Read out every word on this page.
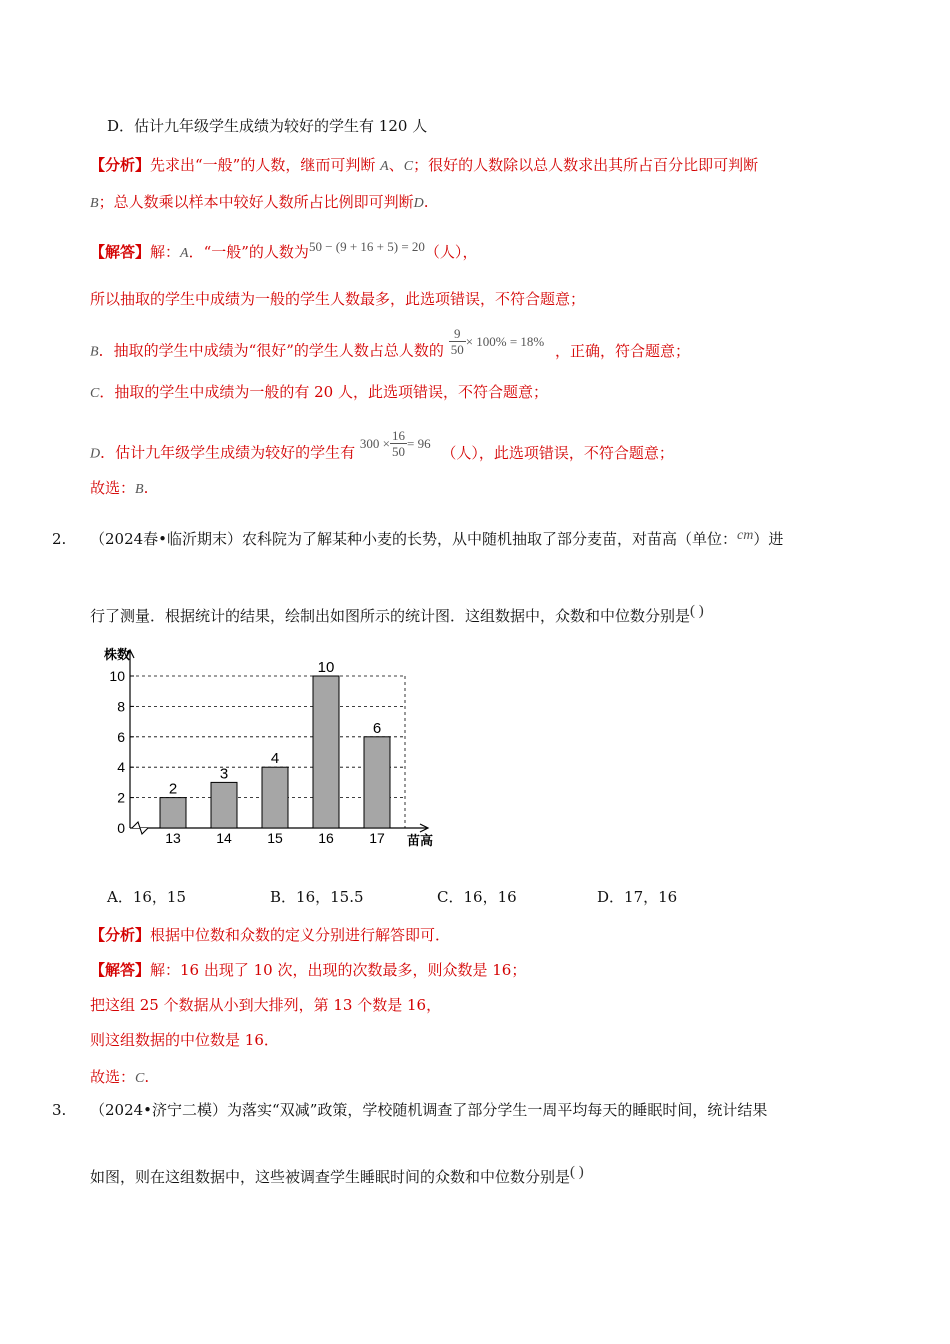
D．估计九年级学生成绩为较好的学生有 120 人
【分析】先求出“一般”的人数，继而可判断 A、C；很好的人数除以总人数求出其所占百分比即可判断
B；总人数乘以样本中较好人数所占比例即可判断D.
【解答】解：A．“一般”的人数为50 − (9 + 16 + 5) = 20（人），
所以抽取的学生中成绩为一般的学生人数最多，此选项错误，不符合题意；
B．抽取的学生中成绩为“很好”的学生人数占总人数的 $\frac{9}{50} \times 100\% = 18\%$ ，正确，符合题意；
C．抽取的学生中成绩为一般的有 20 人，此选项错误，不符合题意；
D．估计九年级学生成绩为较好的学生有 $300 \times \frac{16}{50} = 96$ （人），此选项错误，不符合题意；
故选：B.
2. （2024春•临沂期末）农科院为了解某种小麦的长势，从中随机抽取了部分麦苗，对苗高（单位：cm）进
行了测量．根据统计的结果，绘制出如图所示的统计图．这组数据中，众数和中位数分别是( )
0
2
4
6
8
10
2
13
3
14
4
15
10
16
6
17
株数
苗高
A．16，15	B．16，15.5	C．16，16	D．17，16
【分析】根据中位数和众数的定义分别进行解答即可．
【解答】解：16 出现了 10 次，出现的次数最多，则众数是 16；
把这组 25 个数据从小到大排列，第 13 个数是 16，
则这组数据的中位数是 16．
故选：C.
3. （2024•济宁二模）为落实“双减”政策，学校随机调查了部分学生一周平均每天的睡眠时间，统计结果
如图，则在这组数据中，这些被调查学生睡眠时间的众数和中位数分别是( )
